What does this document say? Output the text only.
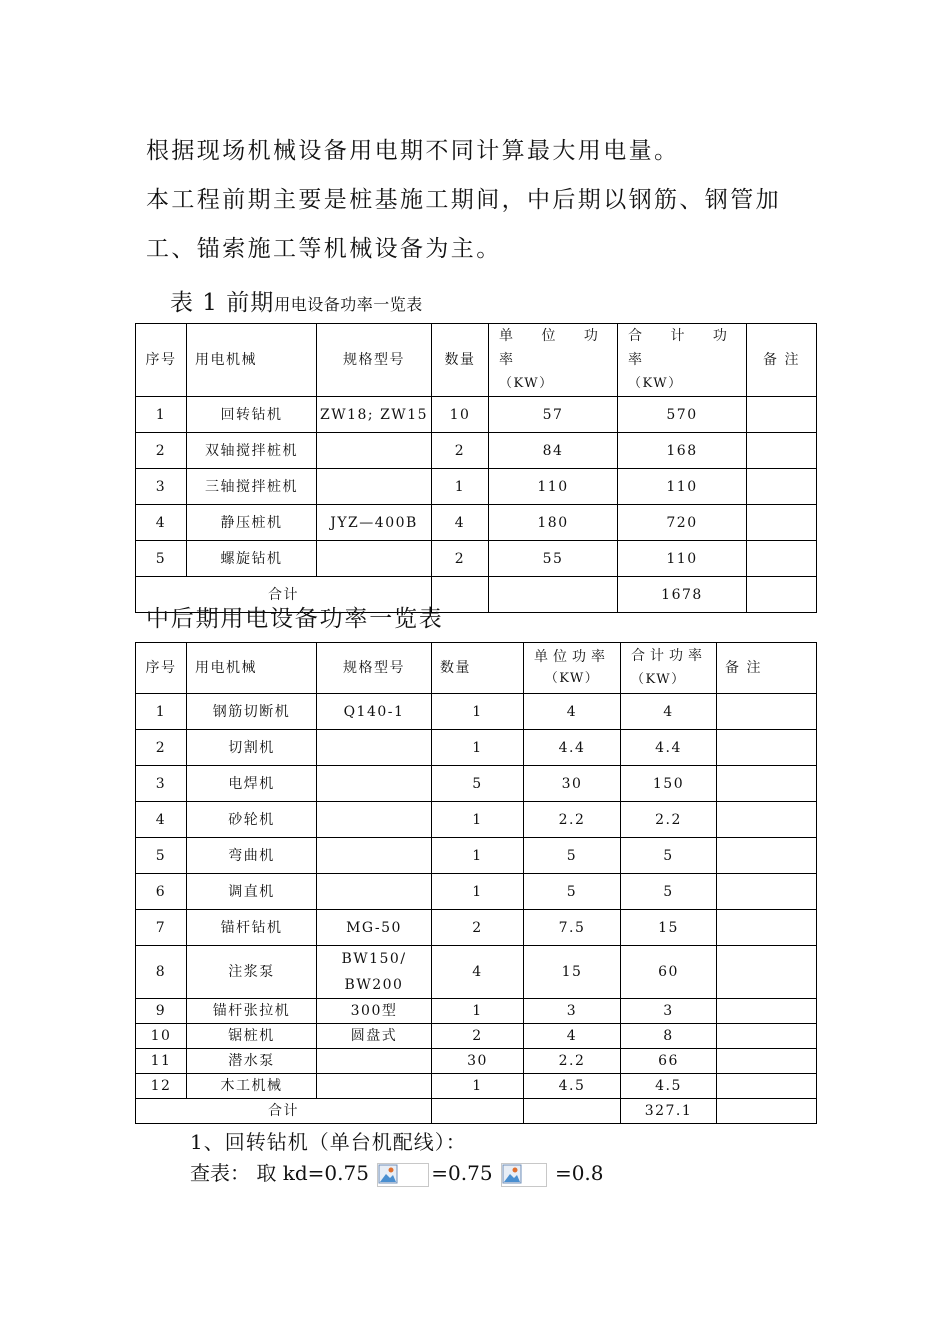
根据现场机械设备用电期不同计算最大用电量。
本工程前期主要是桩基施工期间，中后期以钢筋、钢管加
工、锚索施工等机械设备为主。
表 1 前期用电设备功率一览表
序号	用电机械	规格型号	数量	单 位 功 率
（KW）	合 计 功 率
（KW）	备 注
1	回转钻机	ZW18; ZW15	10	57	570	
2	双轴搅拌桩机		2	84	168	
3	三轴搅拌桩机		1	110	110	
4	静压桩机	JYZ—400B	4	180	720	
5	螺旋钻机		2	55	110	
合计					1678	
中后期用电设备功率一览表
序号	用电机械	规格型号	数量	单位功率
（KW）	合计功率
（KW）	备 注
1	钢筋切断机	Q140-1	1	4	4	
2	切割机		1	4.4	4.4	
3	电焊机		5	30	150	
4	砂轮机		1	2.2	2.2	
5	弯曲机		1	5	5	
6	调直机		1	5	5	
7	锚杆钻机	MG-50	2	7.5	15	
8	注浆泵	BW150/
BW200	4	15	60	
9	锚杆张拉机	300型	1	3	3	
10	锯桩机	圆盘式	2	4	8	
11	潜水泵		30	2.2	66	
12	木工机械		1	4.5	4.5	
合计					327.1	
1、回转钻机（单台机配线）：
查表： 取 kd=0.75	=0.75	=0.8
